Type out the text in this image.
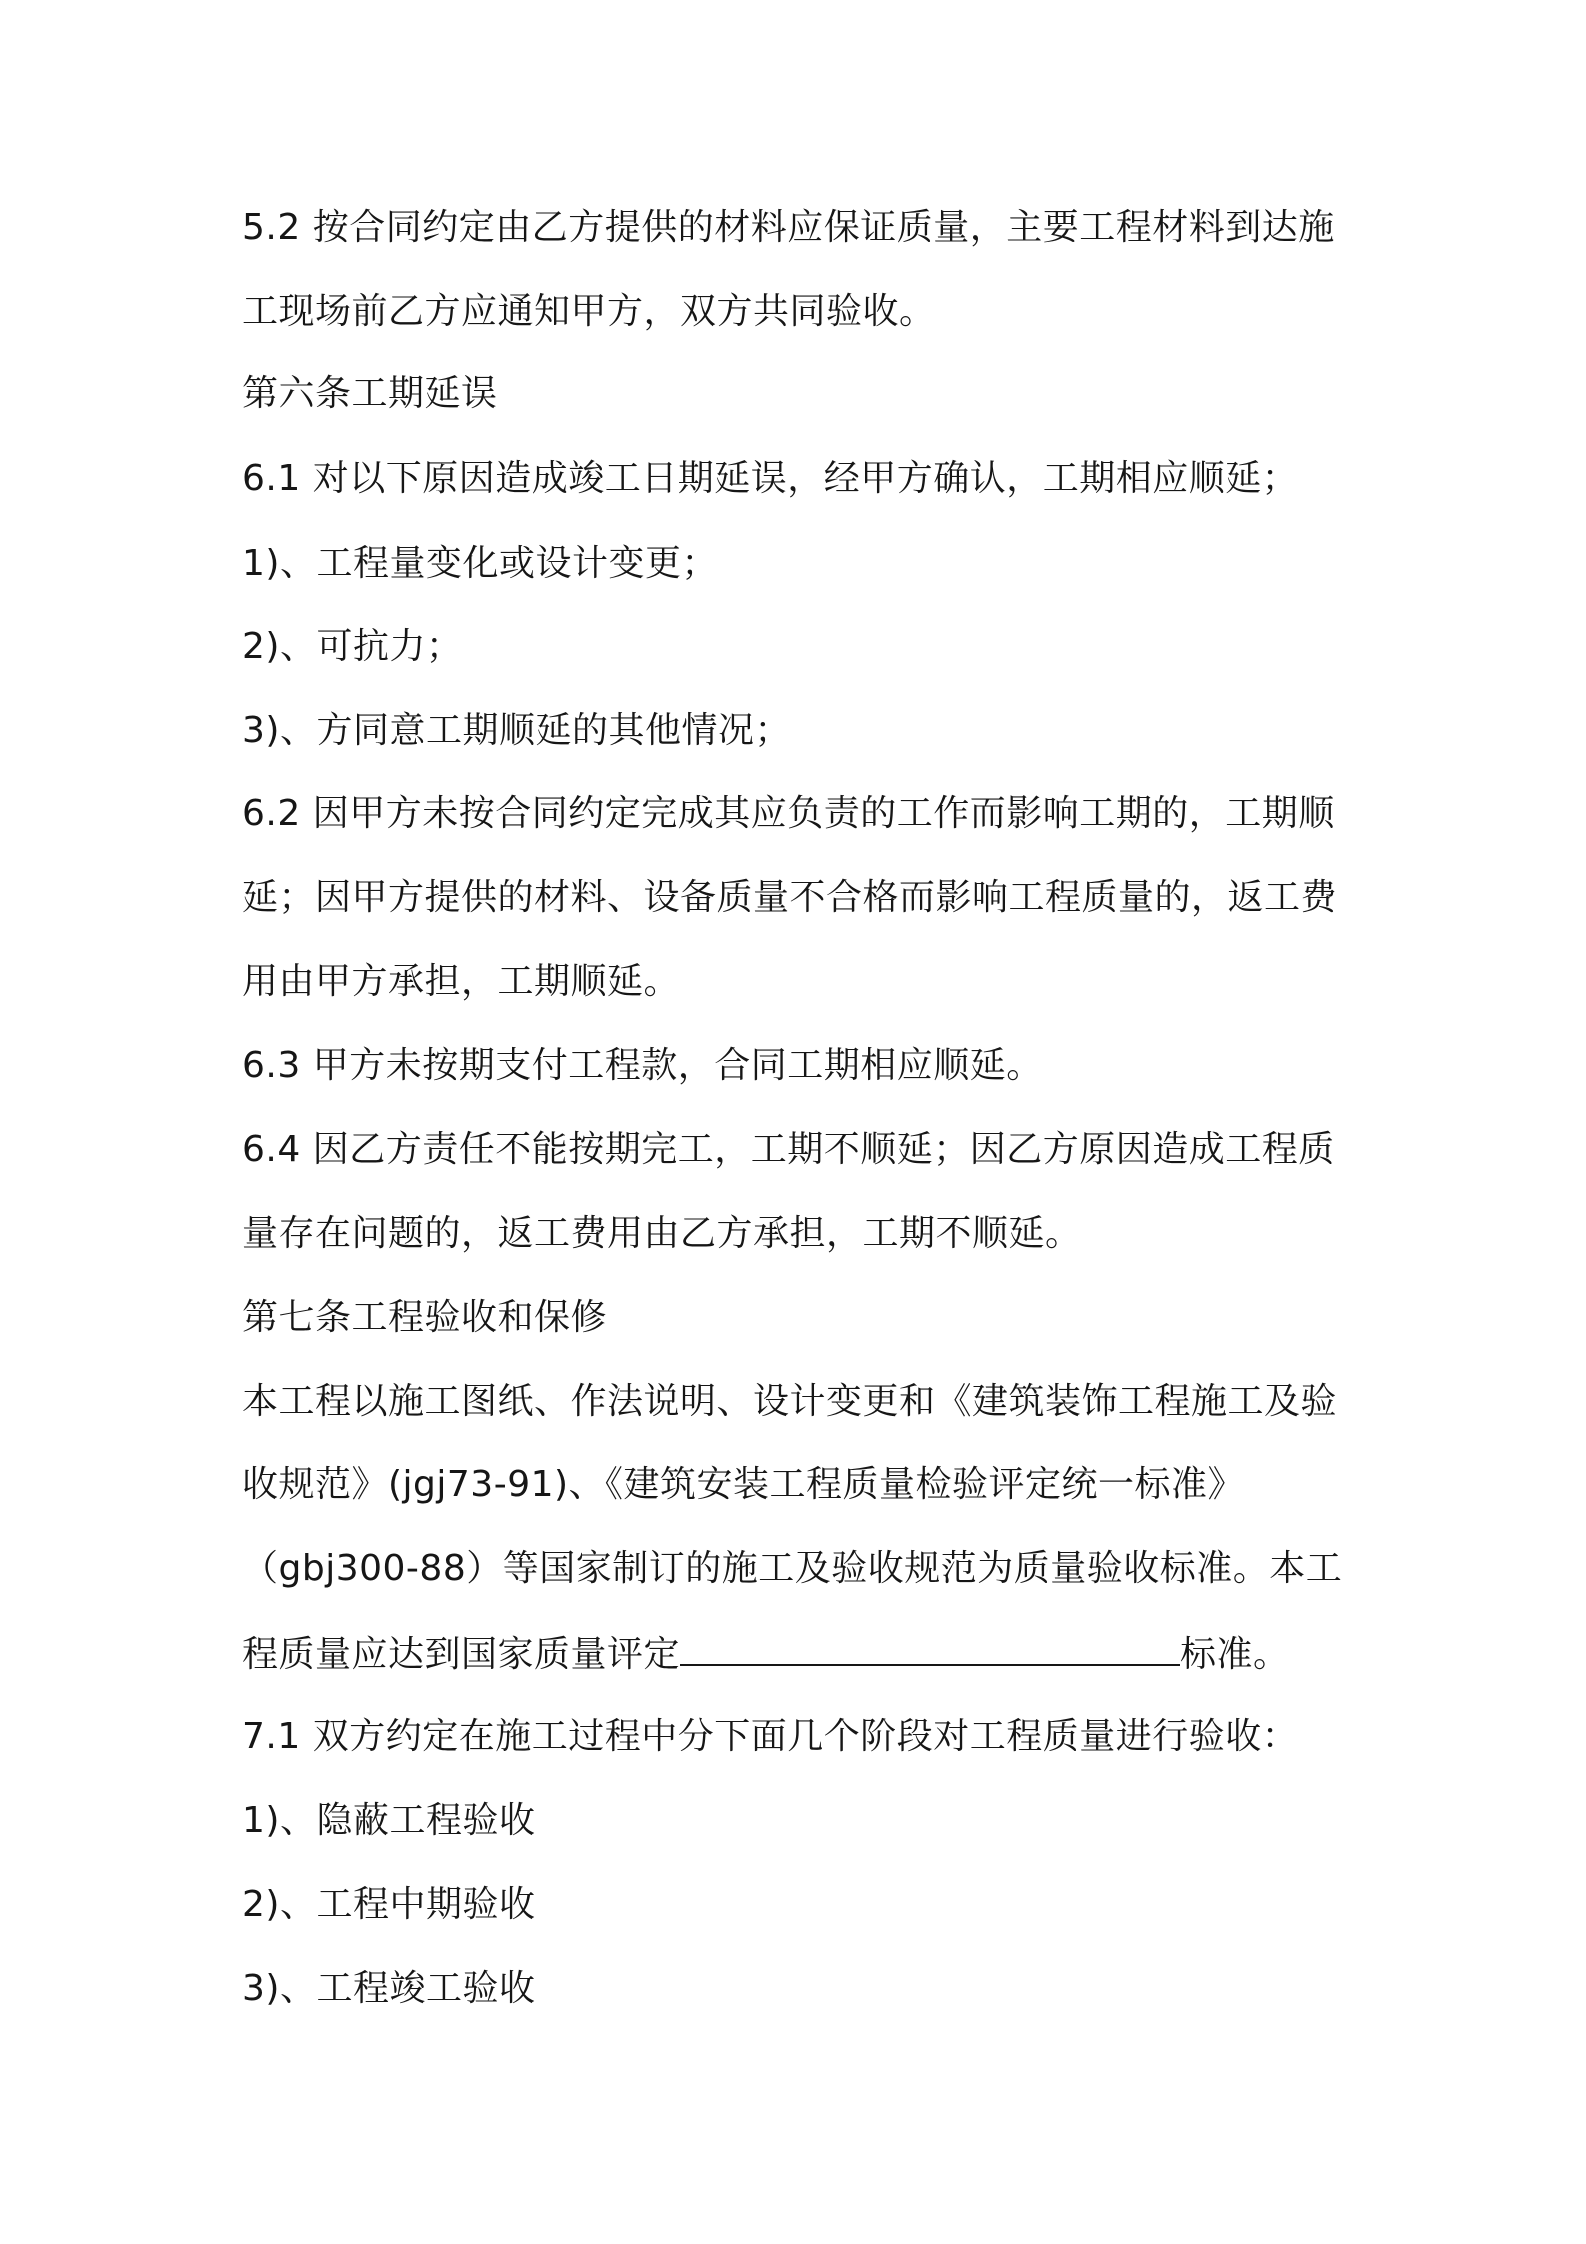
5.2 按合同约定由乙方提供的材料应保证质量，主要工程材料到达施
工现场前乙方应通知甲方，双方共同验收。
第六条工期延误
6.1 对以下原因造成竣工日期延误，经甲方确认，工期相应顺延；
1)、工程量变化或设计变更；
2)、可抗力；
3)、方同意工期顺延的其他情况；
6.2 因甲方未按合同约定完成其应负责的工作而影响工期的，工期顺
延；因甲方提供的材料、设备质量不合格而影响工程质量的，返工费
用由甲方承担，工期顺延。
6.3 甲方未按期支付工程款，合同工期相应顺延。
6.4 因乙方责任不能按期完工，工期不顺延；因乙方原因造成工程质
量存在问题的，返工费用由乙方承担，工期不顺延。
第七条工程验收和保修
本工程以施工图纸、作法说明、设计变更和《建筑装饰工程施工及验
收规范》(jgj73-91)、《建筑安装工程质量检验评定统一标准》
（gbj300-88）等国家制订的施工及验收规范为质量验收标准。本工
程质量应达到国家质量评定	标准。
7.1 双方约定在施工过程中分下面几个阶段对工程质量进行验收：
1)、隐蔽工程验收
2)、工程中期验收
3)、工程竣工验收
